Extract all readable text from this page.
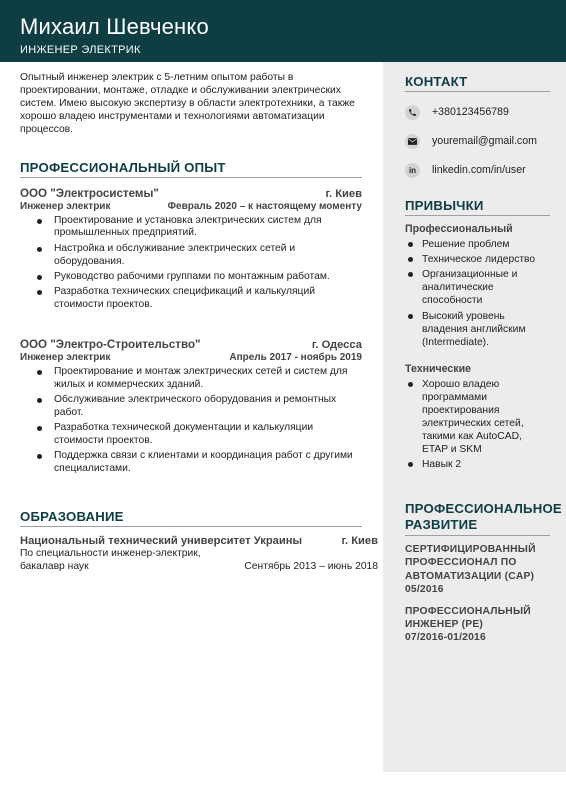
Михаил Шевченко
ИНЖЕНЕР ЭЛЕКТРИК
Опытный инженер электрик с 5-летним опытом работы в проектировании, монтаже, отладке и обслуживании электрических систем. Имею высокую экспертизу в области электротехники, а также хорошо владею инструментами и технологиями автоматизации процессов.
ПРОФЕССИОНАЛЬНЫЙ ОПЫТ
ООО "Электросистемы"	г. Киев
Инженер электрик	Февраль 2020 – к настоящему моменту
Проектирование и установка электрических систем для промышленных предприятий.
Настройка и обслуживание электрических сетей и оборудования.
Руководство рабочими группами по монтажным работам.
Разработка технических спецификаций и калькуляций стоимости проектов.
ООО "Электро-Строительство"	г. Одесса
Инженер электрик	Апрель 2017 - ноябрь 2019
Проектирование и монтаж электрических сетей и систем для жилых и коммерческих зданий.
Обслуживание электрического оборудования и ремонтных работ.
Разработка технической документации и калькуляции стоимости проектов.
Поддержка связи с клиентами и координация работ с другими специалистами.
ОБРАЗОВАНИЕ
Национальный технический университет Украины	г. Киев
По специальности инженер-электрик,
бакалавр наук	Сентябрь 2013 – июнь 2018
КОНТАКТ
+380123456789
youremail@gmail.com
in linkedin.com/in/user
ПРИВЫЧКИ
Профессиональный
Решение проблем
Техническое лидерство
Организационные и аналитические способности
Высокий уровень владения английским (Intermediate).
Технические
Хорошо владею программами проектирования электрических сетей, такими как AutoCAD, ETAP и SKM
Навык 2
ПРОФЕССИОНАЛЬНОЕ РАЗВИТИЕ
СЕРТИФИЦИРОВАННЫЙ ПРОФЕССИОНАЛ ПО АВТОМАТИЗАЦИИ (CAP)
05/2016
ПРОФЕССИОНАЛЬНЫЙ ИНЖЕНЕР (PE)
07/2016-01/2016
